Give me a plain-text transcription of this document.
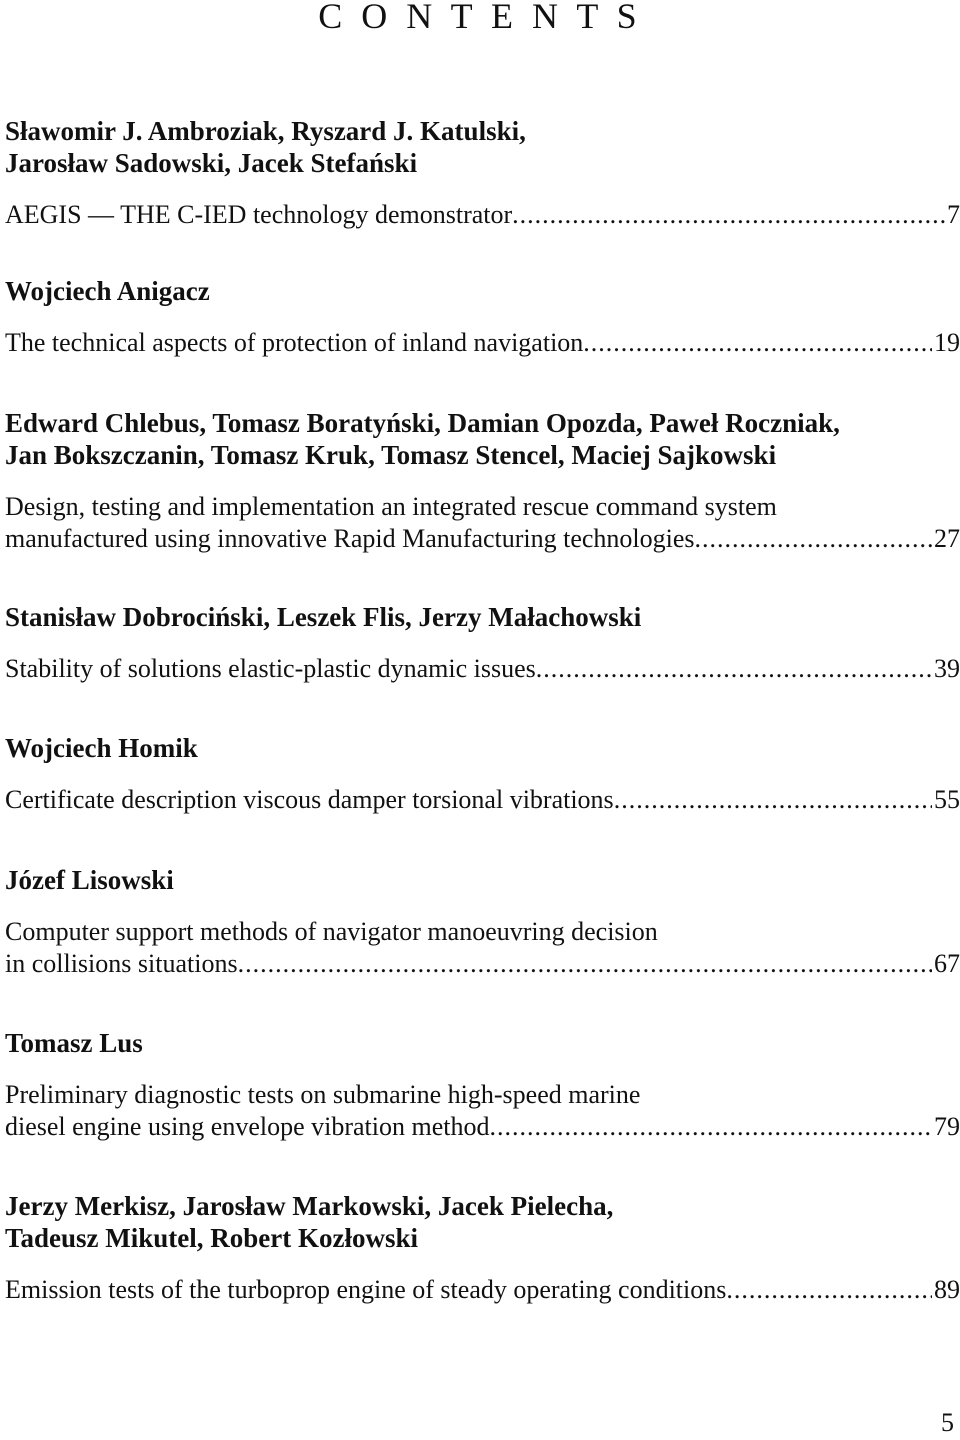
C O N T E N T S

Sławomir J. Ambroziak, Ryszard J. Katulski,
Jarosław Sadowski, Jacek Stefański

AEGIS — THE C-IED technology demonstrator .....	7

Wojciech Anigacz

The technical aspects of protection of inland navigation .....	19

Edward Chlebus, Tomasz Boratyński, Damian Opozda, Paweł Roczniak,
Jan Bokszczanin, Tomasz Kruk, Tomasz Stencel, Maciej Sajkowski

Design, testing and implementation an integrated rescue command system

manufactured using innovative Rapid Manufacturing technologies .....	27

Stanisław Dobrociński, Leszek Flis, Jerzy Małachowski

Stability of solutions elastic-plastic dynamic issues .....	39

Wojciech Homik

Certificate description viscous damper torsional vibrations .....	55

Józef Lisowski

Computer support methods of navigator manoeuvring decision

in collisions situations .....	67

Tomasz Lus

Preliminary diagnostic tests on submarine high-speed marine

diesel engine using envelope vibration method .....	79

Jerzy Merkisz, Jarosław Markowski, Jacek Pielecha,
Tadeusz Mikutel, Robert Kozłowski

Emission tests of the turboprop engine of steady operating conditions .....	89

5
